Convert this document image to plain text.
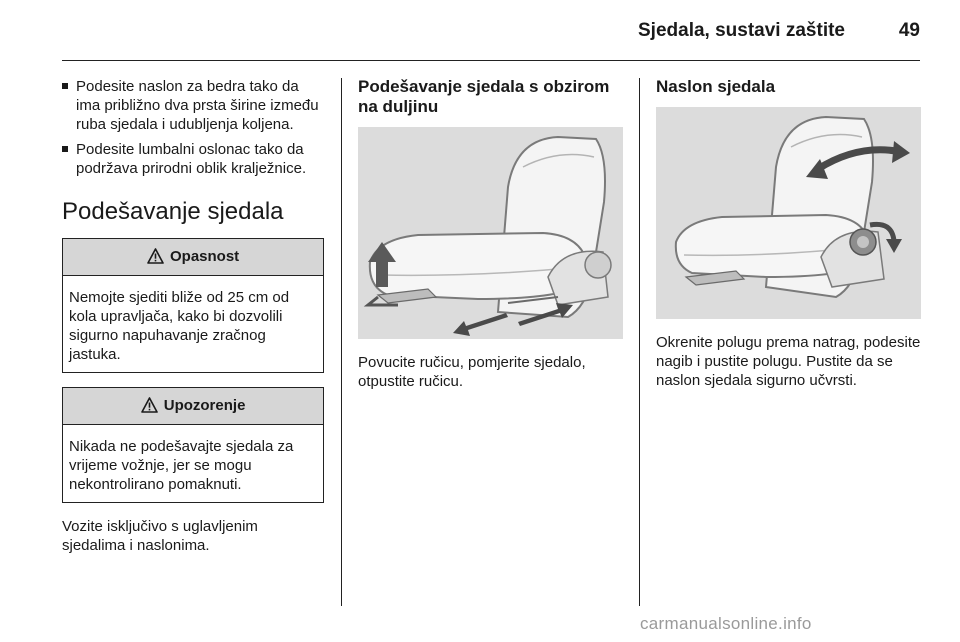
Sjedala, sustavi zaštite	49
Podesite naslon za bedra tako da ima približno dva prsta širine između ruba sjedala i udubljenja koljena.
Podesite lumbalni oslonac tako da podržava prirodni oblik kralježnice.
Podešavanje sjedala
Opasnost
Nemojte sjediti bliže od 25 cm od kola upravljača, kako bi dozvolili sigurno napuhavanje zračnog jastuka.
Upozorenje
Nikada ne podešavajte sjedala za vrijeme vožnje, jer se mogu nekontrolirano pomaknuti.

Vozite isključivo s uglavljenim sjedalima i naslonima.

Podešavanje sjedala s obzirom na duljinu
Povucite ručicu, pomjerite sjedalo, otpustite ručicu.
Naslon sjedala
Okrenite polugu prema natrag, podesite nagib i pustite polugu. Pustite da se naslon sjedala sigurno učvrsti.
carmanualsonline.info
